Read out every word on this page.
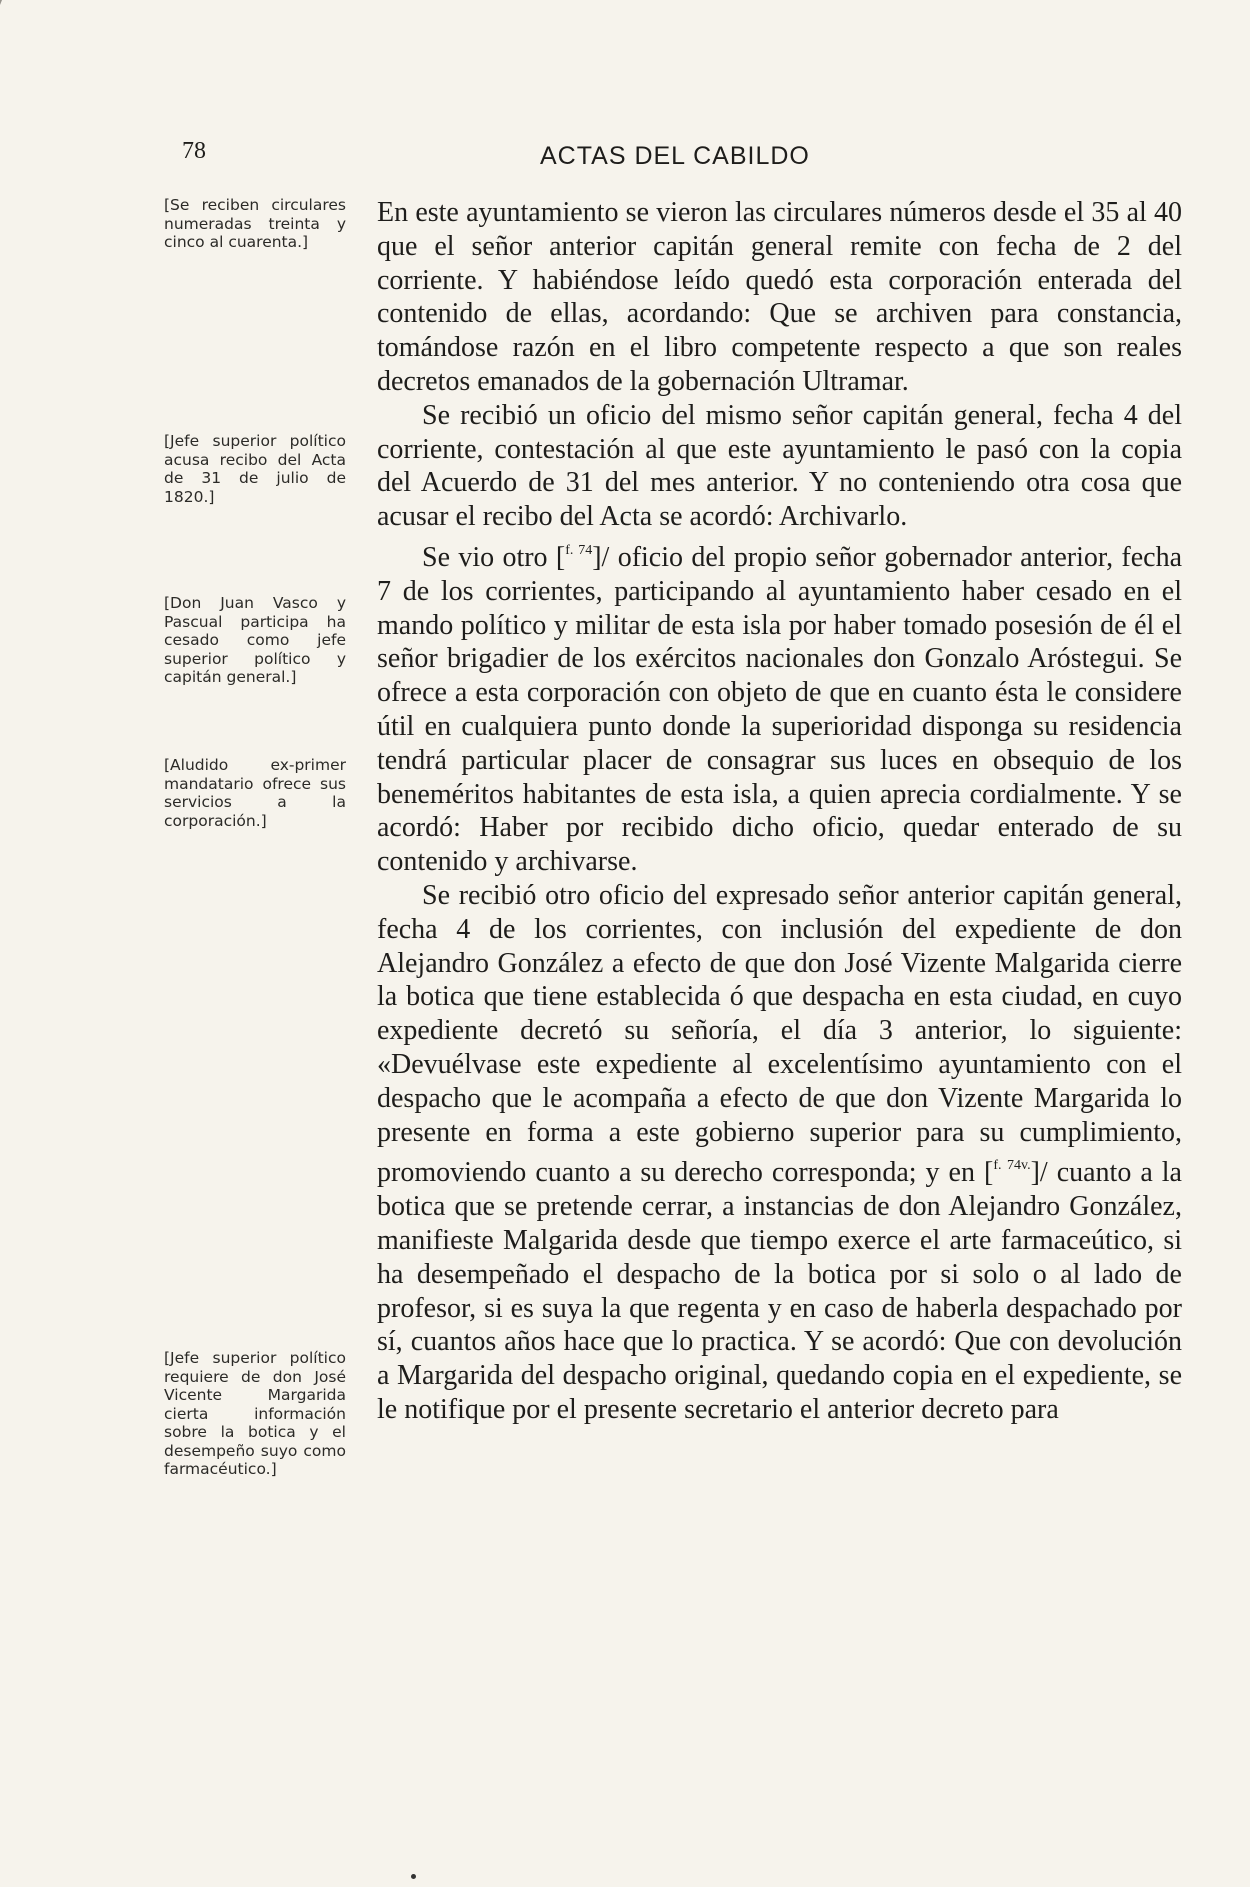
78	ACTAS DEL CABILDO
[Se reciben circulares numeradas treinta y cinco al cuarenta.]
[Jefe superior político acusa recibo del Acta de 31 de julio de 1820.]
[Don Juan Vasco y Pascual participa ha cesado como jefe superior político y capitán general.]
[Aludido ex-primer mandatario ofrece sus servicios a la corporación.]
[Jefe superior político requiere de don José Vicente Margarida cierta información sobre la botica y el desempeño suyo como farmacéutico.]

En este ayuntamiento se vieron las circulares números desde el 35 al 40 que el señor anterior capitán general remite con fecha de 2 del corriente. Y habiéndose leído quedó esta corporación enterada del contenido de ellas, acordando: Que se archiven para constancia, tomándose razón en el libro competente respecto a que son reales decretos emanados de la gobernación Ultramar.

Se recibió un oficio del mismo señor capitán general, fecha 4 del corriente, contestación al que este ayuntamiento le pasó con la copia del Acuerdo de 31 del mes anterior. Y no conteniendo otra cosa que acusar el recibo del Acta se acordó: Archivarlo.

Se vio otro [$^{f. 74}$]/ oficio del propio señor gobernador anterior, fecha 7 de los corrientes, participando al ayuntamiento haber cesado en el mando político y militar de esta isla por haber tomado posesión de él el señor brigadier de los exércitos nacionales don Gonzalo Aróstegui. Se ofrece a esta corporación con objeto de que en cuanto ésta le considere útil en cualquiera punto donde la superioridad disponga su residencia tendrá particular placer de consagrar sus luces en obsequio de los beneméritos habitantes de esta isla, a quien aprecia cordialmente. Y se acordó: Haber por recibido dicho oficio, quedar enterado de su contenido y archivarse.

Se recibió otro oficio del expresado señor anterior capitán general, fecha 4 de los corrientes, con inclusión del expediente de don Alejandro González a efecto de que don José Vizente Malgarida cierre la botica que tiene establecida ó que despacha en esta ciudad, en cuyo expediente decretó su señoría, el día 3 anterior, lo siguiente: «Devuélvase este expediente al excelentísimo ayuntamiento con el despacho que le acompaña a efecto de que don Vizente Margarida lo presente en forma a este gobierno superior para su cumplimiento, promoviendo cuanto a su derecho corresponda; y en [$^{f. 74v.}$]/ cuanto a la botica que se pretende cerrar, a instancias de don Alejandro González, manifieste Malgarida desde que tiempo exerce el arte farmaceútico, si ha desempeñado el despacho de la botica por si solo o al lado de profesor, si es suya la que regenta y en caso de haberla despachado por sí, cuantos años hace que lo practica. Y se acordó: Que con devolución a Margarida del despacho original, quedando copia en el expediente, se le notifique por el presente secretario el anterior decreto para
